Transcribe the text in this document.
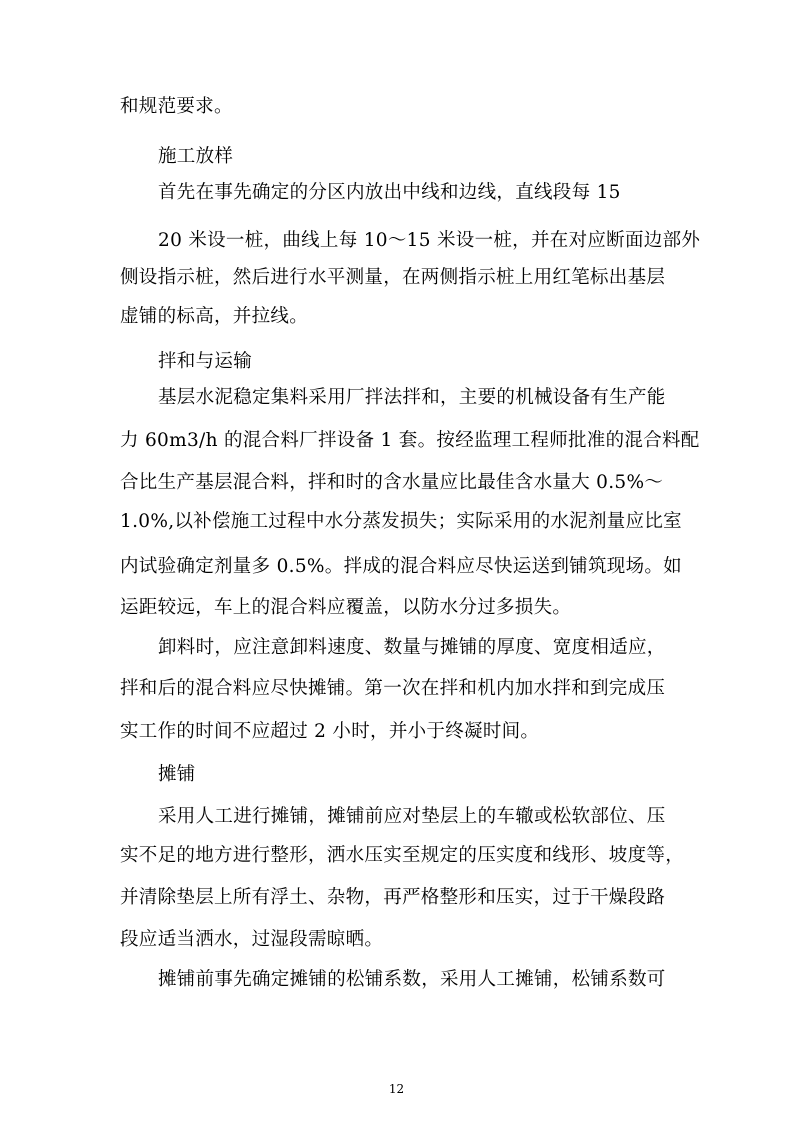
和规范要求。
施工放样
首先在事先确定的分区内放出中线和边线，直线段每 15
20 米设一桩，曲线上每 10～15 米设一桩，并在对应断面边部外
侧设指示桩，然后进行水平测量，在两侧指示桩上用红笔标出基层
虚铺的标高，并拉线。
拌和与运输
基层水泥稳定集料采用厂拌法拌和，主要的机械设备有生产能
力 60m3/h 的混合料厂拌设备 1 套。按经监理工程师批准的混合料配
合比生产基层混合料，拌和时的含水量应比最佳含水量大 0.5%～
1.0%,以补偿施工过程中水分蒸发损失；实际采用的水泥剂量应比室
内试验确定剂量多 0.5%。拌成的混合料应尽快运送到铺筑现场。如
运距较远，车上的混合料应覆盖，以防水分过多损失。
卸料时，应注意卸料速度、数量与摊铺的厚度、宽度相适应，
拌和后的混合料应尽快摊铺。第一次在拌和机内加水拌和到完成压
实工作的时间不应超过 2 小时，并小于终凝时间。
摊铺
采用人工进行摊铺，摊铺前应对垫层上的车辙或松软部位、压
实不足的地方进行整形，洒水压实至规定的压实度和线形、坡度等，
并清除垫层上所有浮土、杂物，再严格整形和压实，过于干燥段路
段应适当洒水，过湿段需晾晒。
摊铺前事先确定摊铺的松铺系数，采用人工摊铺，松铺系数可
12
